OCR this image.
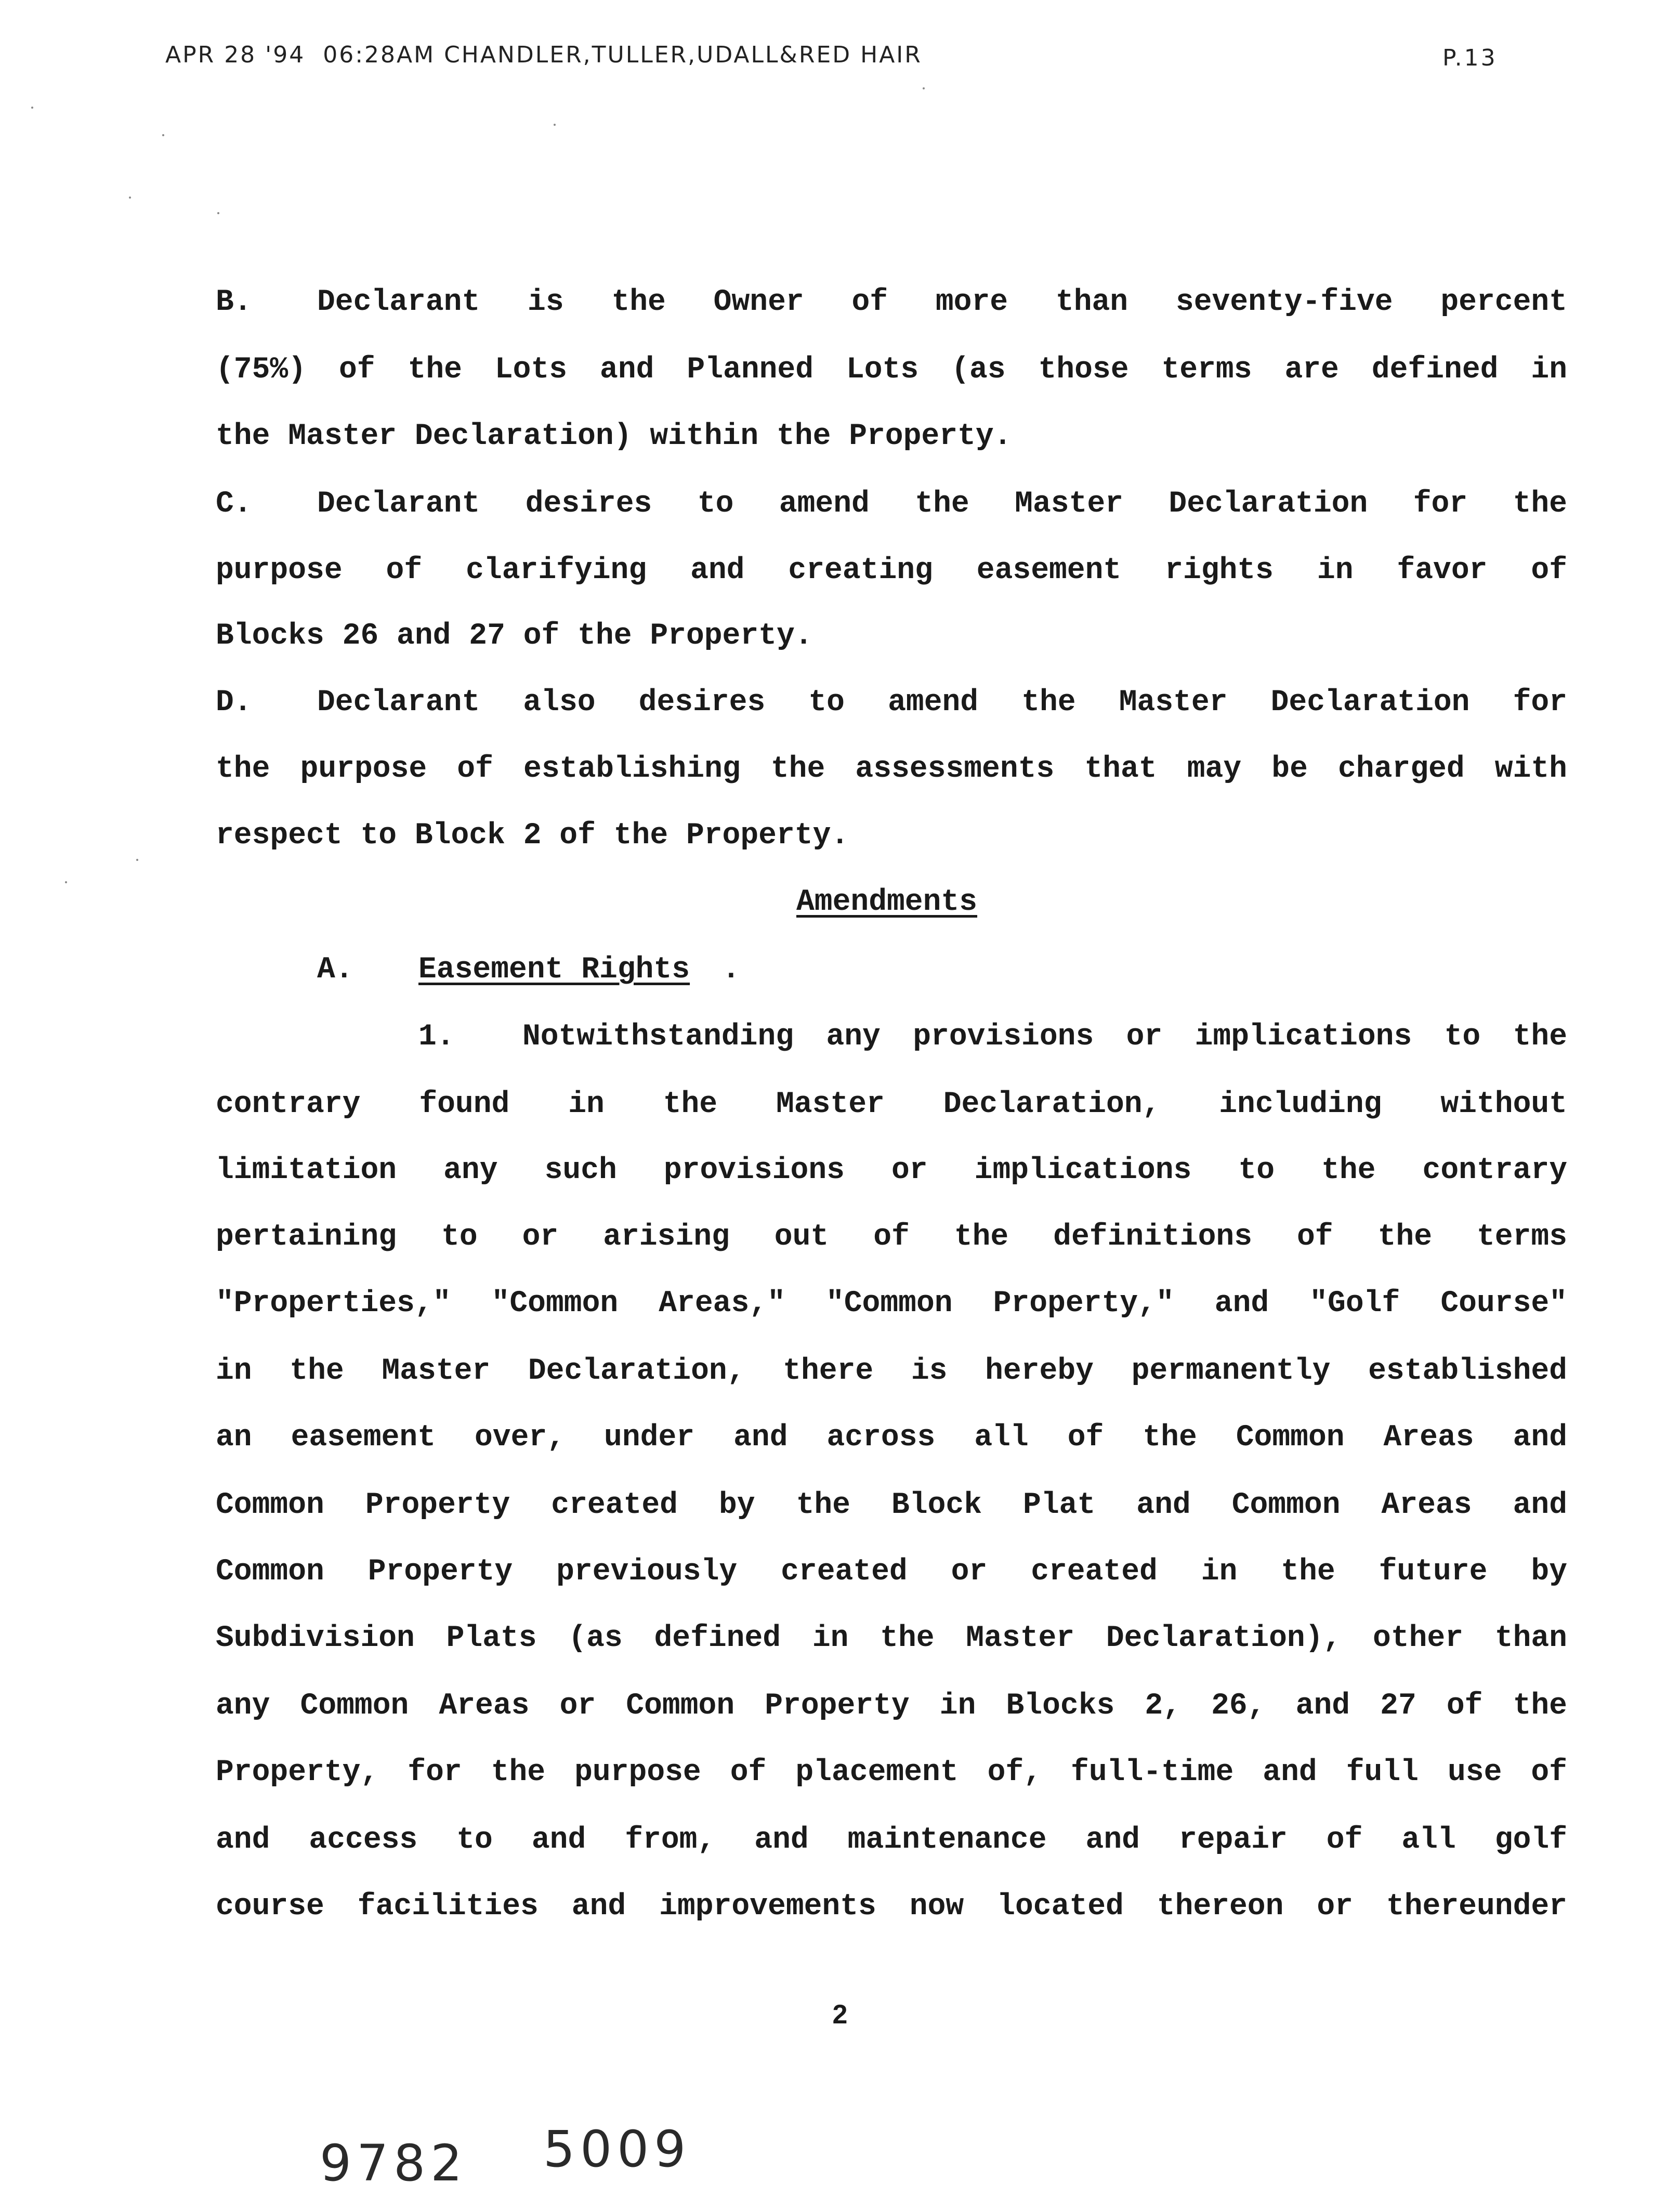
APR 28 '94  06:28AM CHANDLER,TULLER,UDALL&RED HAIR	P.13
B.	Declarant is the Owner of more than seventy-five percent
(75%) of the Lots and Planned Lots (as those terms are defined in
the Master Declaration) within the Property.
C.	Declarant desires to amend the Master Declaration for the
purpose of clarifying and creating easement rights in favor of
Blocks 26 and 27 of the Property.
D.	Declarant also desires to amend the Master Declaration for
the purpose of establishing the assessments that may be charged with
respect to Block 2 of the Property.
A.	Easement Rights
1. Notwithstanding any provisions or implications to the
contrary found in the Master Declaration, including without
limitation any such provisions or implications to the contrary
pertaining to or arising out of the definitions of the terms
"Properties," "Common Areas," "Common Property," and "Golf Course"
in the Master Declaration, there is hereby permanently established
an easement over, under and across all of the Common Areas and
Common Property created by the Block Plat and Common Areas and
Common Property previously created or created in the future by
Subdivision Plats (as defined in the Master Declaration), other than
any Common Areas or Common Property in Blocks 2, 26, and 27 of the
Property, for the purpose of placement of, full-time and full use of
and access to and from, and maintenance and repair of all golf
course facilities and improvements now located thereon or thereunder
Amendments
.
2
9782 5009
